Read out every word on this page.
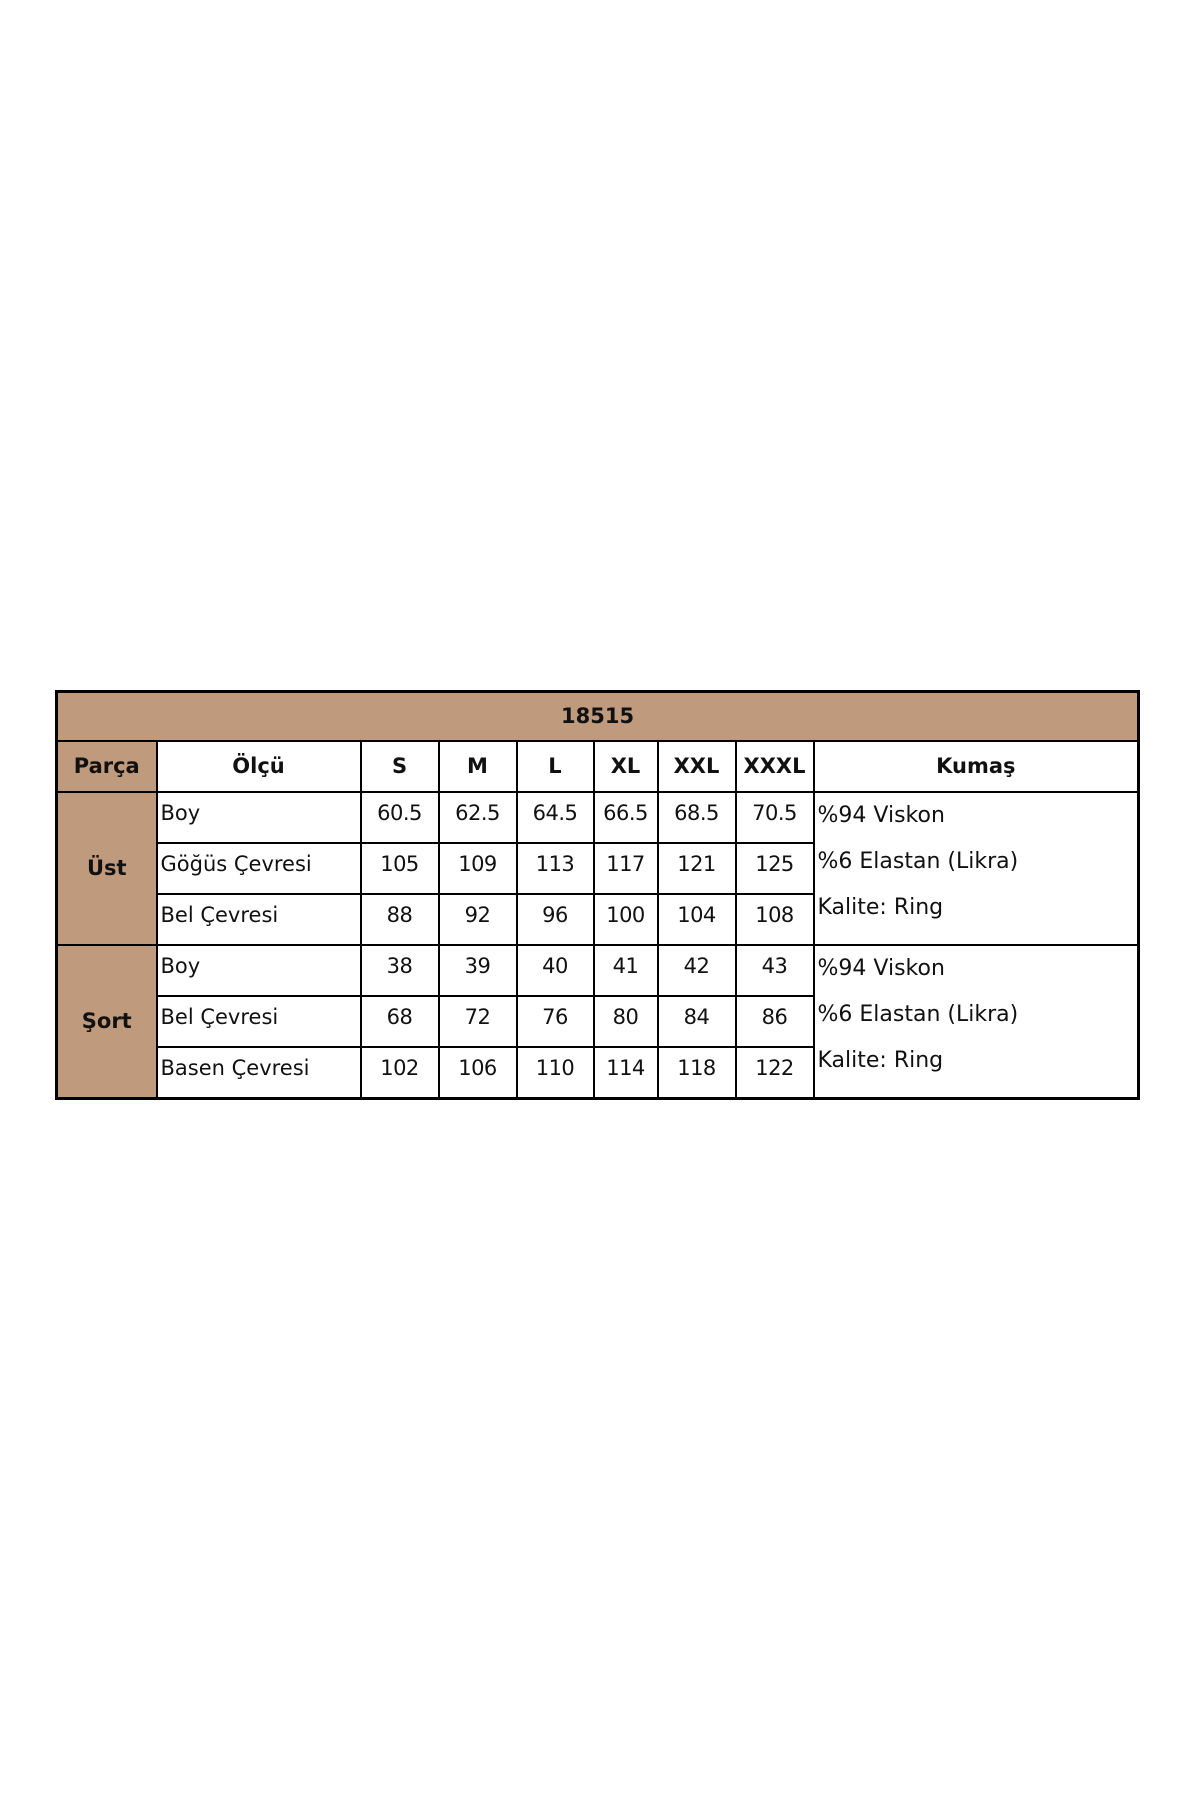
18515								
Parça	Ölçü	S	M	L	XL	XXL	XXXL	Kumaş
Üst	Boy	60.5	62.5	64.5	66.5	68.5	70.5	%94 Viskon
%6 Elastan (Likra)
Kalite: Ring

	Göğüs Çevresi	105	109	113	117	121	125	
	Bel Çevresi	88	92	96	100	104	108	
Şort	Boy	38	39	40	41	42	43	%94 Viskon
%6 Elastan (Likra)
Kalite: Ring

	Bel Çevresi	68	72	76	80	84	86	
	Basen Çevresi	102	106	110	114	118	122	
